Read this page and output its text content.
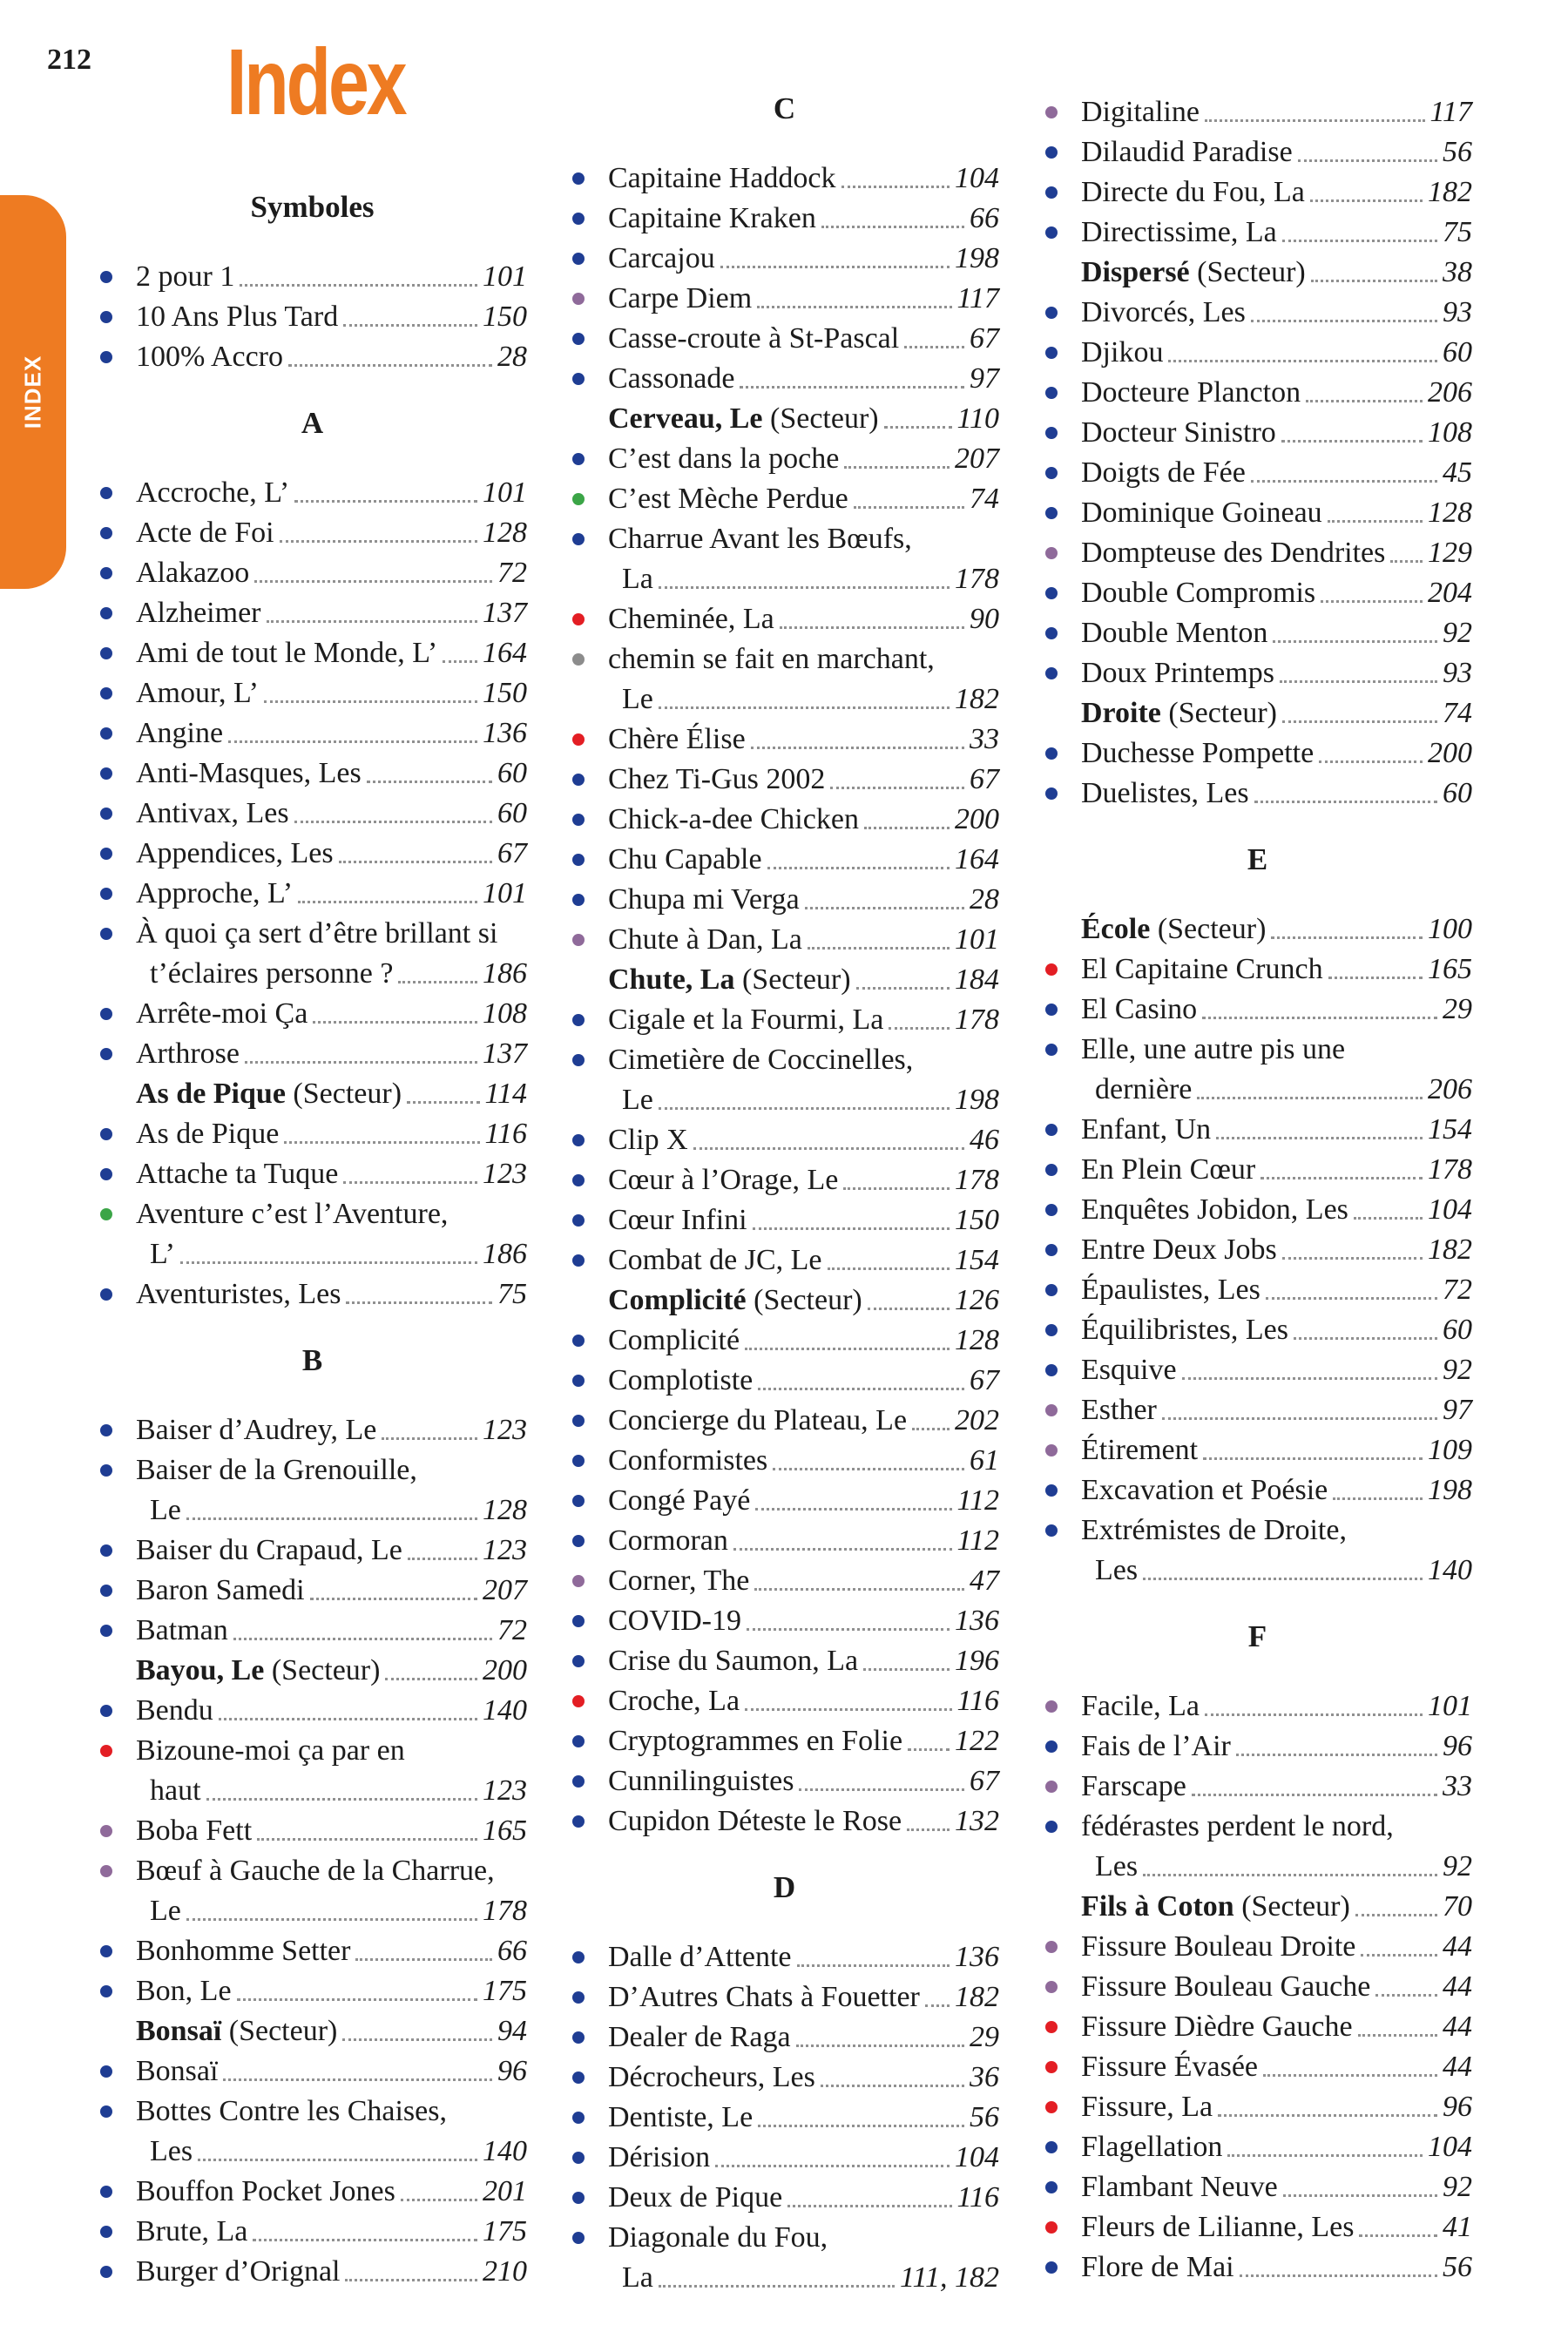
212 Index
INDEX
Symboles
2 pour 1	101
10 Ans Plus Tard	150
100% Accro	28
A
Accroche, L’	101
Acte de Foi	128
Alakazoo	72
Alzheimer	137
Ami de tout le Monde, L’ 164
Amour, L’	150
Angine	136
Anti-Masques, Les	60
Antivax, Les	60
Appendices, Les	67
Approche, L’	101
À quoi ça sert d’être brillant si
t’éclaires personne ?	186
Arrête-moi Ça	108
Arthrose	137
As de Pique (Secteur)	114
As de Pique	116
Attache ta Tuque	123
Aventure c’est l’Aventure,
L’	186
Aventuristes, Les	75
B
Baiser d’Audrey, Le	123
Baiser de la Grenouille,
Le	128
Baiser du Crapaud, Le	123
Baron Samedi	207
Batman	72
Bayou, Le (Secteur)	200
Bendu	140
Bizoune-moi ça par en
haut	123
Boba Fett	165
Bœuf à Gauche de la Charrue,
Le	178
Bonhomme Setter	66
Bon, Le	175
Bonsaï (Secteur)	94
Bonsaï	96
Bottes Contre les Chaises,
Les	140
Bouffon Pocket Jones	201
Brute, La	175
Burger d’Orignal	210
C
Capitaine Haddock	104
Capitaine Kraken	66
Carcajou	198
Carpe Diem	117
Casse-croute à St-Pascal 67
Cassonade	97
Cerveau, Le (Secteur)	110
C’est dans la poche	207
C’est Mèche Perdue	74
Charrue Avant les Bœufs,
La	178
Cheminée, La	90
chemin se fait en marchant,
Le	182
Chère Élise	33
Chez Ti-Gus 2002	67
Chick-a-dee Chicken	200
Chu Capable	164
Chupa mi Verga	28
Chute à Dan, La	101
Chute, La (Secteur)	184
Cigale et la Fourmi, La 178
Cimetière de Coccinelles,
Le	198
Clip X	46
Cœur à l’Orage, Le	178
Cœur Infini	150
Combat de JC, Le	154
Complicité (Secteur)	126
Complicité	128
Complotiste	67
Concierge du Plateau, Le 202
Conformistes	61
Congé Payé	112
Cormoran	112
Corner, The	47
COVID-19	136
Crise du Saumon, La	196
Croche, La	116
Cryptogrammes en Folie 122
Cunnilinguistes	67
Cupidon Déteste le Rose 132
D
Dalle d’Attente	136
D’Autres Chats à Fouetter 182
Dealer de Raga	29
Décrocheurs, Les	36
Dentiste, Le	56
Dérision	104
Deux de Pique	116
Diagonale du Fou,
La	111, 182
Digitaline	117
Dilaudid Paradise	56
Directe du Fou, La	182
Directissime, La	75
Dispersé (Secteur)	38
Divorcés, Les	93
Djikou	60
Docteure Plancton	206
Docteur Sinistro	108
Doigts de Fée	45
Dominique Goineau	128
Dompteuse des Dendrites 129
Double Compromis	204
Double Menton	92
Doux Printemps	93
Droite (Secteur)	74
Duchesse Pompette	200
Duelistes, Les	60
E
École (Secteur)	100
El Capitaine Crunch	165
El Casino	29
Elle, une autre pis une
dernière	206
Enfant, Un	154
En Plein Cœur	178
Enquêtes Jobidon, Les	104
Entre Deux Jobs	182
Épaulistes, Les	72
Équilibristes, Les	60
Esquive	92
Esther	97
Étirement	109
Excavation et Poésie	198
Extrémistes de Droite,
Les	140
F
Facile, La	101
Fais de l’Air	96
Farscape	33
fédérastes perdent le nord,
Les	92
Fils à Coton (Secteur)	70
Fissure Bouleau Droite	44
Fissure Bouleau Gauche 44
Fissure Dièdre Gauche	44
Fissure Évasée	44
Fissure, La	96
Flagellation	104
Flambant Neuve	92
Fleurs de Lilianne, Les	41
Flore de Mai	56
